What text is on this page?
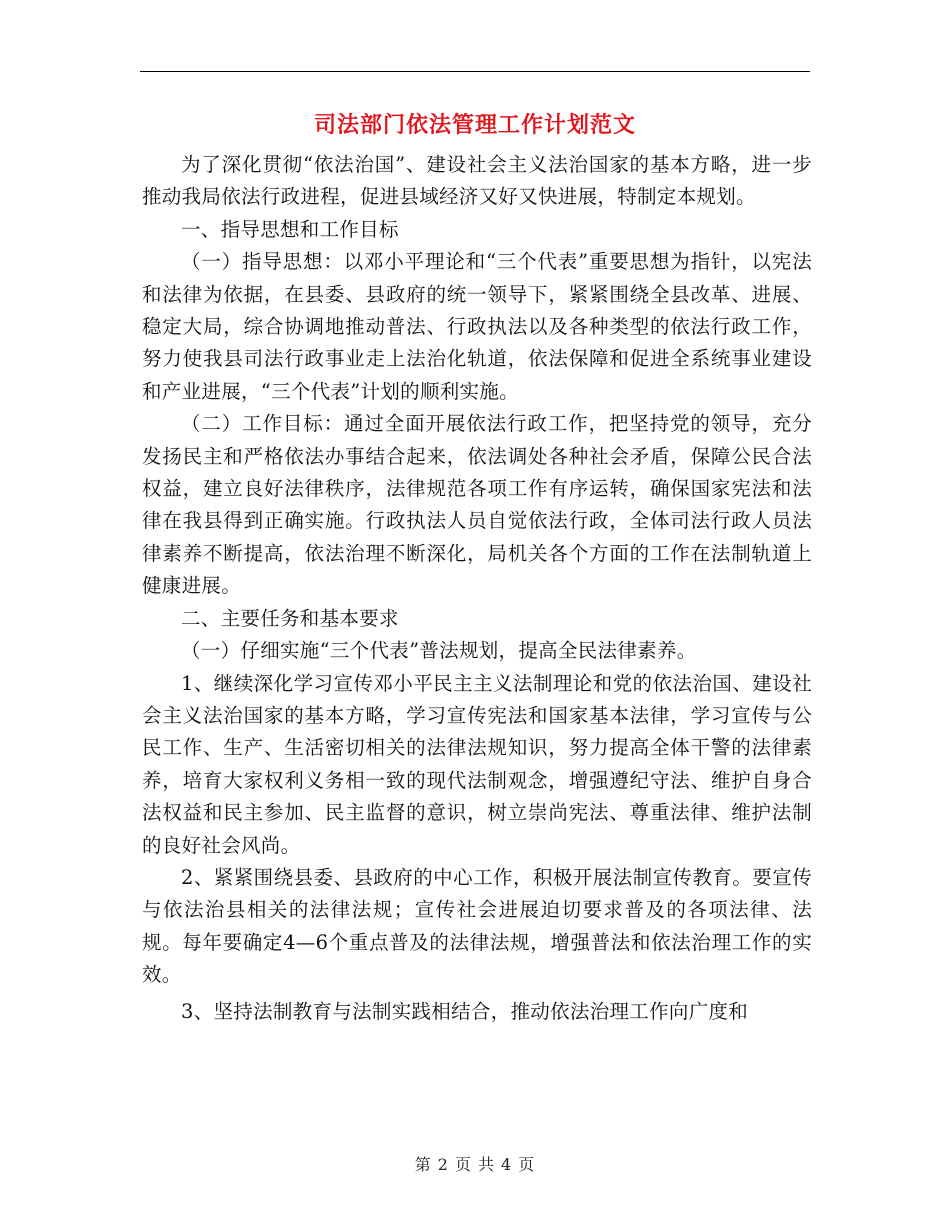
司法部门依法管理工作计划范文

为了深化贯彻“依法治国”、建设社会主义法治国家的基本方略，进一步推动我局依法行政进程，促进县域经济又好又快进展，特制定本规划。

一、指导思想和工作目标

（一）指导思想：以邓小平理论和“三个代表”重要思想为指针，以宪法和法律为依据，在县委、县政府的统一领导下，紧紧围绕全县改革、进展、稳定大局，综合协调地推动普法、行政执法以及各种类型的依法行政工作，努力使我县司法行政事业走上法治化轨道，依法保障和促进全系统事业建设和产业进展，“三个代表”计划的顺利实施。

（二）工作目标：通过全面开展依法行政工作，把坚持党的领导，充分发扬民主和严格依法办事结合起来，依法调处各种社会矛盾，保障公民合法权益，建立良好法律秩序，法律规范各项工作有序运转，确保国家宪法和法律在我县得到正确实施。行政执法人员自觉依法行政，全体司法行政人员法律素养不断提高，依法治理不断深化，局机关各个方面的工作在法制轨道上健康进展。

二、主要任务和基本要求

（一）仔细实施“三个代表”普法规划，提高全民法律素养。

1、继续深化学习宣传邓小平民主主义法制理论和党的依法治国、建设社会主义法治国家的基本方略，学习宣传宪法和国家基本法律，学习宣传与公民工作、生产、生活密切相关的法律法规知识，努力提高全体干警的法律素养，培育大家权利义务相一致的现代法制观念，增强遵纪守法、维护自身合法权益和民主参加、民主监督的意识，树立崇尚宪法、尊重法律、维护法制的良好社会风尚。

2、紧紧围绕县委、县政府的中心工作，积极开展法制宣传教育。要宣传与依法治县相关的法律法规；宣传社会进展迫切要求普及的各项法律、法规。每年要确定4—6个重点普及的法律法规，增强普法和依法治理工作的实效。

3、坚持法制教育与法制实践相结合，推动依法治理工作向广度和

第 2 页 共 4 页
